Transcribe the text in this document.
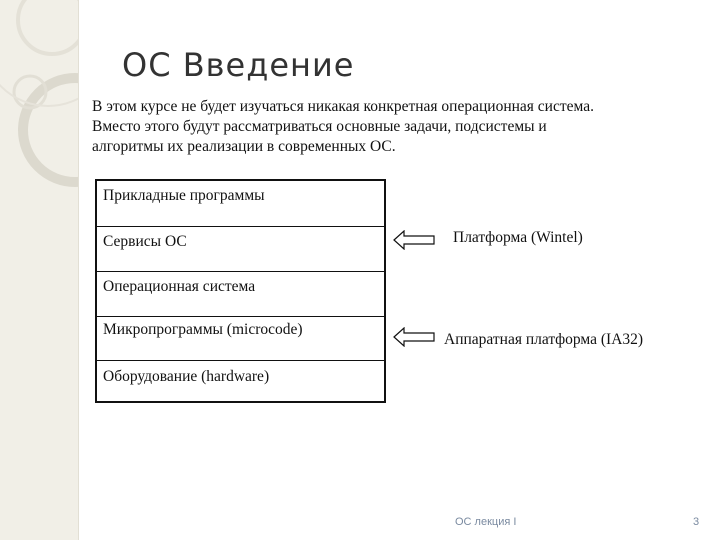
ОС Введение
В этом курсе не будет изучаться никакая конкретная операционная система.
Вместо этого будут рассматриваться основные задачи, подсистемы и
алгоритмы их реализации в современных ОС.
Прикладные программы
Сервисы ОС
Операционная система
Микропрограммы (microcode)
Оборудование (hardware)
Платформа (Wintel)
Аппаратная платформа (IA32)
ОС лекция I	3
